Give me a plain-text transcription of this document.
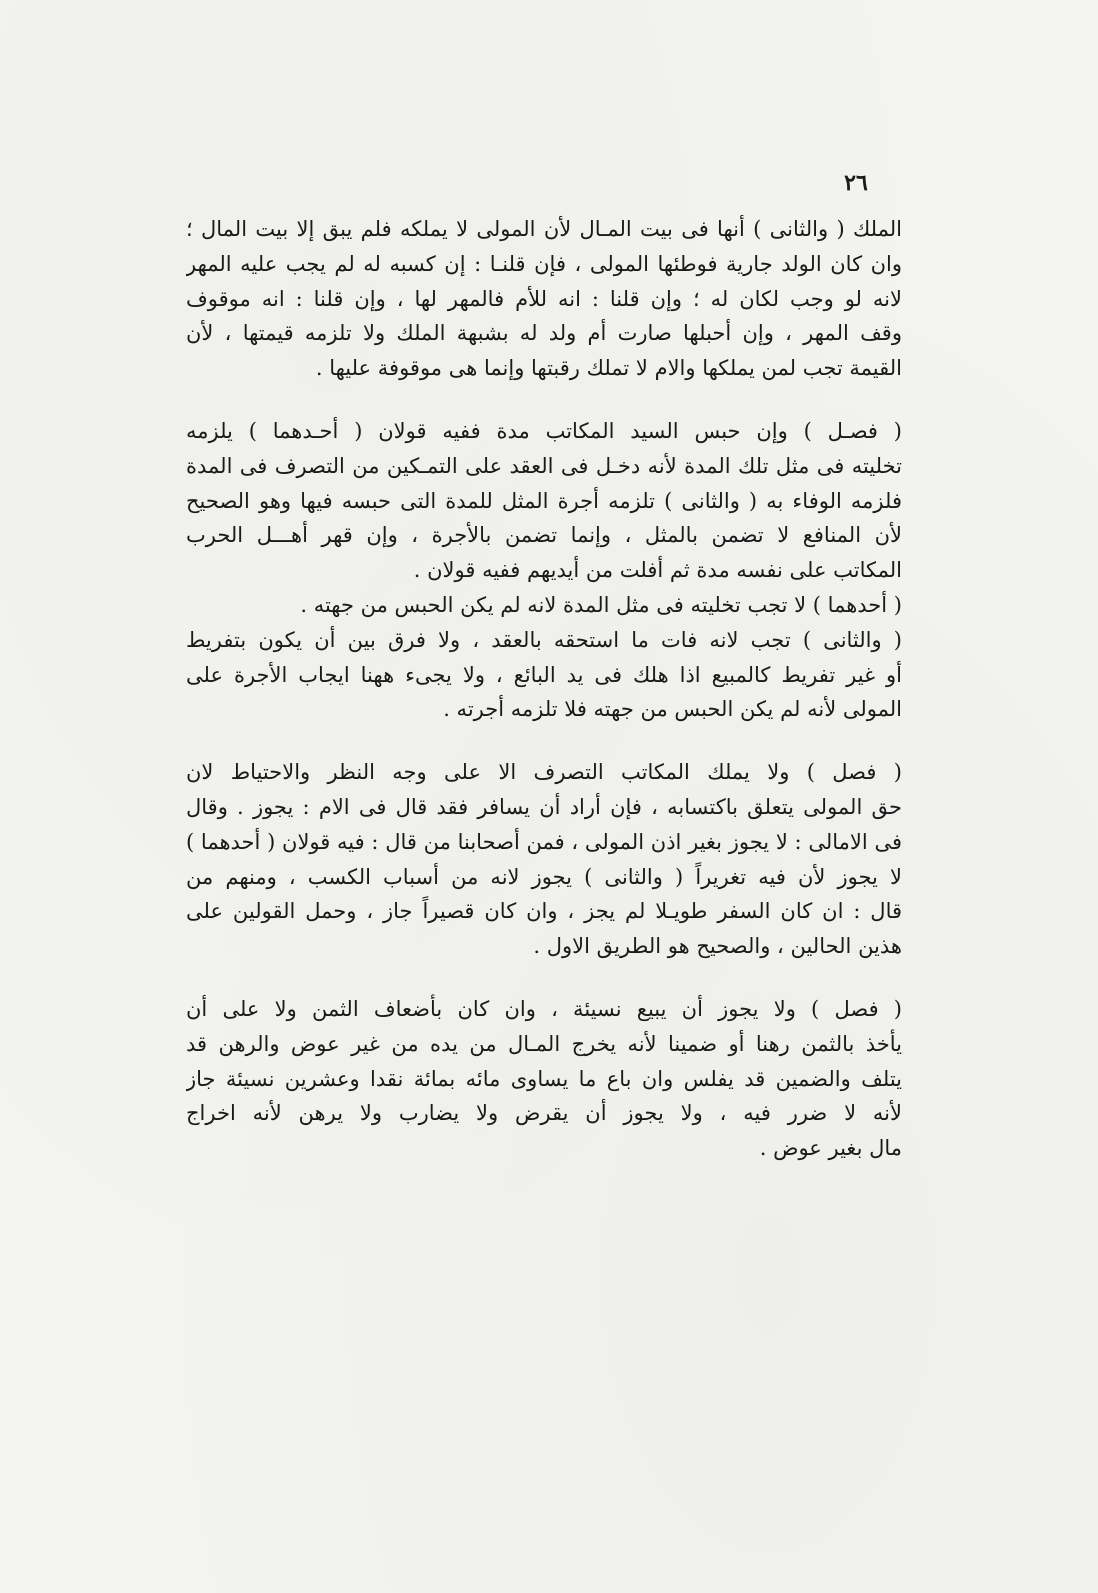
٢٦
الملك ( والثانى ) أنها فى بيت المـال لأن المولى لا يملكه فلم يبق إلا بيت المال ؛
وان كان الولد جارية فوطئها المولى ، فإن قلنـا : إن كسبه له لم يجب عليه المهر
لانه لو وجب لكان له ؛ وإن قلنا : انه للأم فالمهر لها ، وإن قلنا : انه موقوف
وقف المهر ، وإن أحبلها صارت أم ولد له بشبهة الملك ولا تلزمه قيمتها ، لأن
القيمة تجب لمن يملكها والام لا تملك رقبتها وإنما هى موقوفة عليها .
( فصـل ) وإن حبس السيد المكاتب مدة ففيه قولان ( أحـدهما ) يلزمه
تخليته فى مثل تلك المدة لأنه دخـل فى العقد على التمـكين من التصرف فى المدة
فلزمه الوفاء به ( والثانى ) تلزمه أجرة المثل للمدة التى حبسه فيها وهو الصحيح
لأن المنافع لا تضمن بالمثل ، وإنما تضمن بالأجرة ، وإن قهر أهـــل الحرب
المكاتب على نفسه مدة ثم أفلت من أيديهم ففيه قولان .
( أحدهما ) لا تجب تخليته فى مثل المدة لانه لم يكن الحبس من جهته .
( والثانى ) تجب لانه فات ما استحقه بالعقد ، ولا فرق بين أن يكون بتفريط
أو غير تفريط كالمبيع اذا هلك فى يد البائع ، ولا يجىء ههنا ايجاب الأجرة على
المولى لأنه لم يكن الحبس من جهته فلا تلزمه أجرته .
( فصل ) ولا يملك المكاتب التصرف الا على وجه النظر والاحتياط لان
حق المولى يتعلق باكتسابه ، فإن أراد أن يسافر فقد قال فى الام : يجوز . وقال
فى الامالى : لا يجوز بغير اذن المولى ، فمن أصحابنا من قال : فيه قولان ( أحدهما )
لا يجوز لأن فيه تغريراً ( والثانى ) يجوز لانه من أسباب الكسب ، ومنهم من
قال : ان كان السفر طويـلا لم يجز ، وان كان قصيراً جاز ، وحمل القولين على
هذين الحالين ، والصحيح هو الطريق الاول .
( فصل ) ولا يجوز أن يبيع نسيئة ، وان كان بأضعاف الثمن ولا على أن
يأخذ بالثمن رهنا أو ضمينا لأنه يخرج المـال من يده من غير عوض والرهن قد
يتلف والضمين قد يفلس وان باع ما يساوى مائه بمائة نقدا وعشرين نسيئة جاز
لأنه لا ضرر فيه ، ولا يجوز أن يقرض ولا يضارب ولا يرهن لأنه اخراج
مال بغير عوض .
